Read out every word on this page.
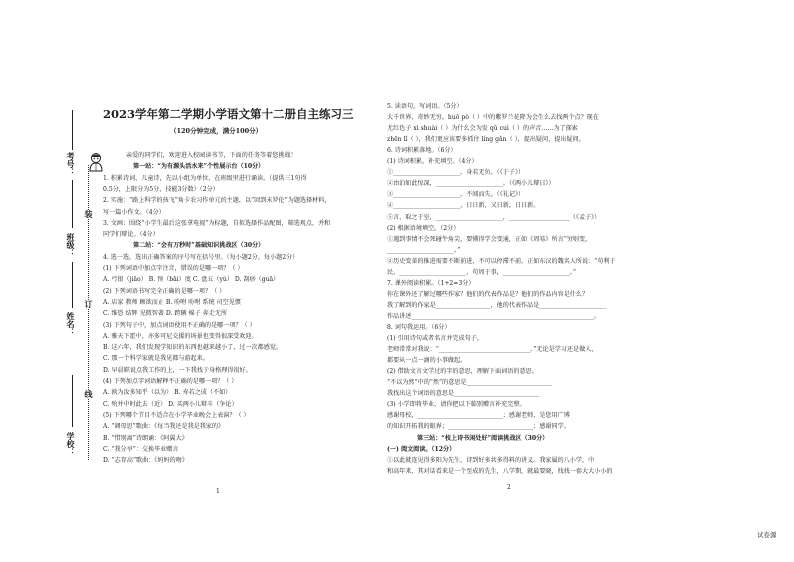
考号：
班级：
姓名：
学校：
装
订
线
2023学年第二学期小学语文第十二册自主练习三
（120分钟完成，满分100分）
亲爱的同学们，欢迎进入校园读书节，下面的任务等着您挑战！
第一站：“为有源头活水来”个性展示台（10分）
1. 积累诗词，儿童诗，先以小组为单位，在班级里进行诵读。（提供三1句得
0.5分，上限分为5分，技能3分数）（2分）
2. 实施：“路上科学的孩飞”角卡农习作单元的主题，以“回到未罗伦”为题选择材料，
写一篇小作文。（4分）
3. 文画：围绕“小学生最后这张拿电视”为标题，自拟选择作品配图，筛选观点，并和
同学们辩论。（4分）
第二站：“会有万秒时”基础知识挑战区（30分）
4. 选一选，选出正确答案的序号写在括号里。（每小题2分，每小题2分）
(1) 下列词语中加点字注音，错误的是哪一项？（ ）
A. 弓银（jiāo） B. 预（bāi）度 C. 盘五（yù） D. 刮痧（guā）
(2) 下列词语书写完全正确的是哪一项？（ ）
A. 店家 教师 顾欲而止 B. 吩咐 吩咐 系统 司空见惯
C. 维恐 结辉 见微智著 D. 跨辆 棉子 奔走无所
(3) 下列句子中，加点词语使用不正确的是哪一项？（ ）
A. 雅天下霍中，亦多可尼交援的场景也变得很深受欢迎。
B. 这六年，我们发现学知识的东西也越来越小了，过一次都感觉。
C. 那一个科学家就是我见都与游起来。
D. 早晨职说点我工作的上，一下我找于身格理得很好。
(4) 下列加点字词语解释不正确的是哪一项？（ ）
A. 孰为汝多知乎（以为） B. 寿若之成（不如）
C. 殆并中时此去（近） D. 买两小儿辩斗（争论）
(5) 下列哪个节目不适合在小学毕业晚会上表演？（ ）
A. “调母思”歌曲：《每当我还是我是我家的》
B. “惜别离”诗朗诵：《阿翼大》
C. “我分享”：交换毕业赠言
D. “志存高”歌曲：《妈妈的吻》
1
5. 读语句，写词语。（5分）
大千世界，奇妙无穷。huō pò（ ）中的紫罗兰花降为会生么去找两个点？现在
尤红色子 xì shuài（ ）为什么会为发 qǔ cuì（ ）的声音……为了探索
zhēn lǐ（ ），我们更应该要多抓住 líng gǎn（ ），提出疑问，提出疑问。
6. 诗词积累落地。（6分）
(1) 诗词积累，补充填空。（4分）
①______________________，身若无负。（《于子》）
②由泊如此惊深，______________________。（《两小儿辩日》）
③______________________，不闻而失。（《礼记》）
④______________________，日日新，又日新，日日新。
⑤言，取之于室，______________________，____________________（《孟子》）
(2) 根据语境填空。（2分）
①遇到事情不会死碰牛角尖，要懂得学会变通，正如《周易》所言“穷则变，
______________________。”
②历史变革的推进需要不断前进，不可以停滞不前，正如东汉的魏名人所说：“苟利于
民，______________________，苟周于事，______________________。”
7. 课外阅读积累。（1+2=3分）
你在课外还了解过哪些作家？他们的代表作品是？他们的作品内容是什么？
我了解到的作家是__________________，他的代表作品是______________________
作品讲述____________________________________________________________。
8. 词句我运用。（6分）
(1) 引用诗句或者名言并完成句子。
老师常常对我说：“______________________________。”无论是学习还是做人，
都要从一点一滴的小事做起。
(2) 借助文言文学过的字的意思，理解下面词语的意思。
“不以为然”中的“然”的意思是____________________________
我找出这个词语的意思是____________________________
(3) 小学即将毕业，请你把以下临别赠言补充完整。
感谢母校，____________________________；感谢老师，是您用广博
的知识开拓我的眼界；____________________________；感谢同学。
第三站：“枝上诗书闲处好”阅读挑战区（30分）
(一) 阅文阅读。（12分）
①以此就连见得多阳为先生，诗到好多共多得料的讲义。我家属的八小学，中
和高年来，其对话看来是一个至成的先生，八学期，就最要晓，找找一套大大小小的
2
试卷源
